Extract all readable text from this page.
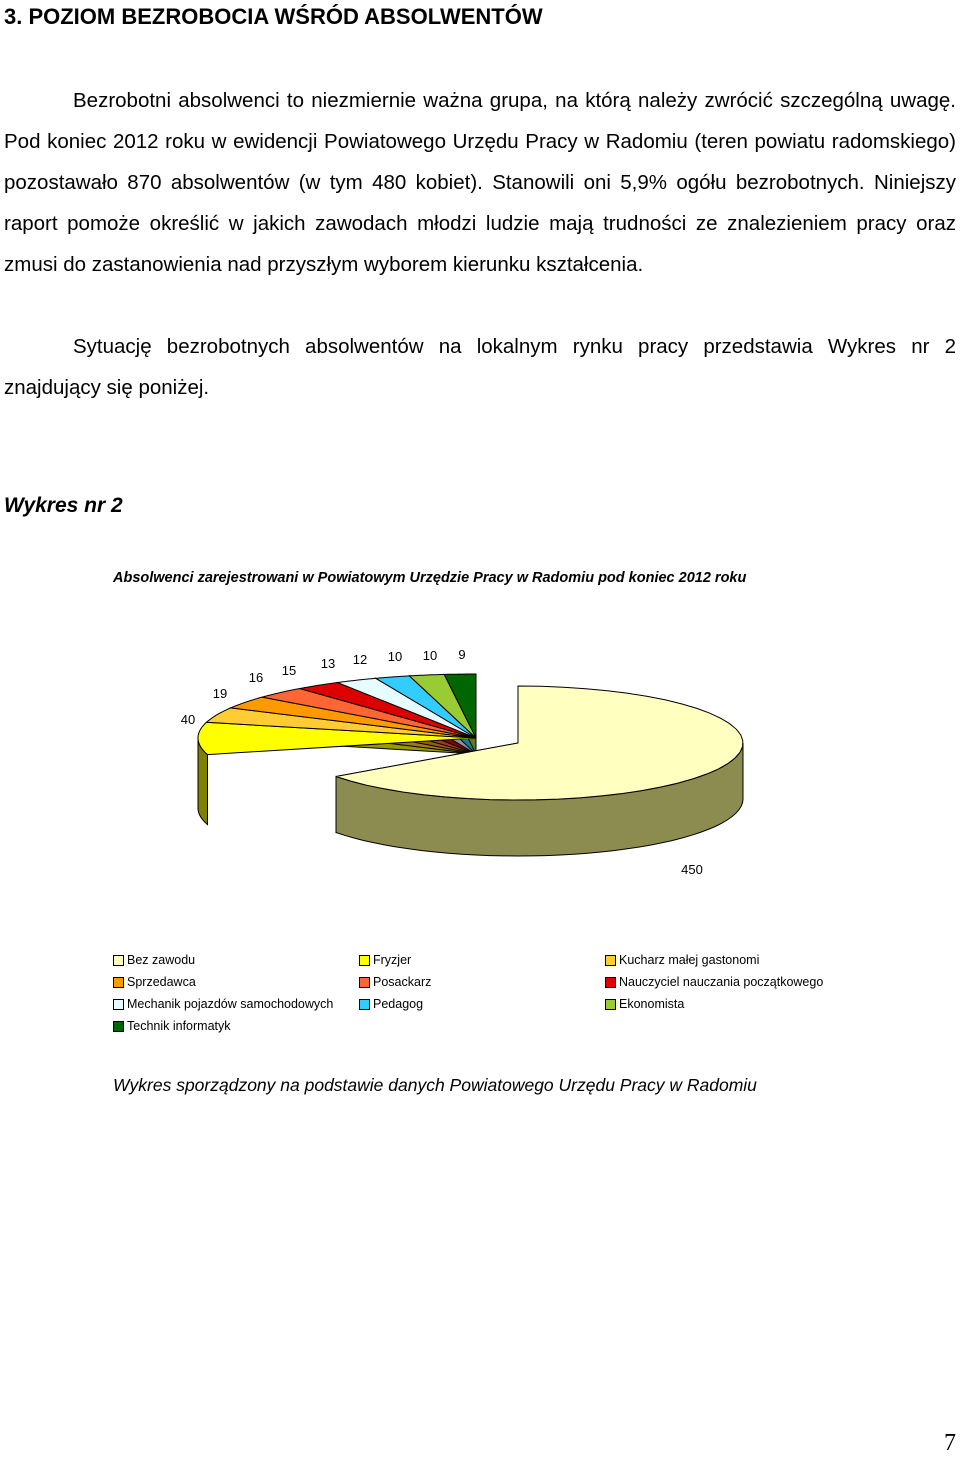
3. POZIOM BEZROBOCIA WŚRÓD ABSOLWENTÓW

Bezrobotni absolwenci to niezmiernie ważna grupa, na którą należy zwrócić szczególną uwagę. Pod koniec 2012 roku w ewidencji Powiatowego Urzędu Pracy w Radomiu (teren powiatu radomskiego) pozostawało 870 absolwentów (w tym 480 kobiet). Stanowili oni 5,9% ogółu bezrobotnych. Niniejszy raport pomoże określić w jakich zawodach młodzi ludzie mają trudności ze znalezieniem pracy oraz zmusi do zastanowienia nad przyszłym wyborem kierunku kształcenia.

Sytuację bezrobotnych absolwentów na lokalnym rynku pracy przedstawia Wykres nr 2 znajdujący się poniżej.

Wykres nr 2

Absolwenci zarejestrowani w Powiatowym Urzędzie Pracy w Radomiu pod koniec 2012 roku

450
40
19
16 15 13 12 10 10 9
Bez zawodu	Fryzjer	Kucharz małej gastonomi
Sprzedawca	Posackarz	Nauczyciel nauczania początkowego
Mechanik pojazdów samochodowych	Pedagog	Ekonomista
Technik informatyk

Wykres sporządzony na podstawie danych Powiatowego Urzędu Pracy w Radomiu

7
